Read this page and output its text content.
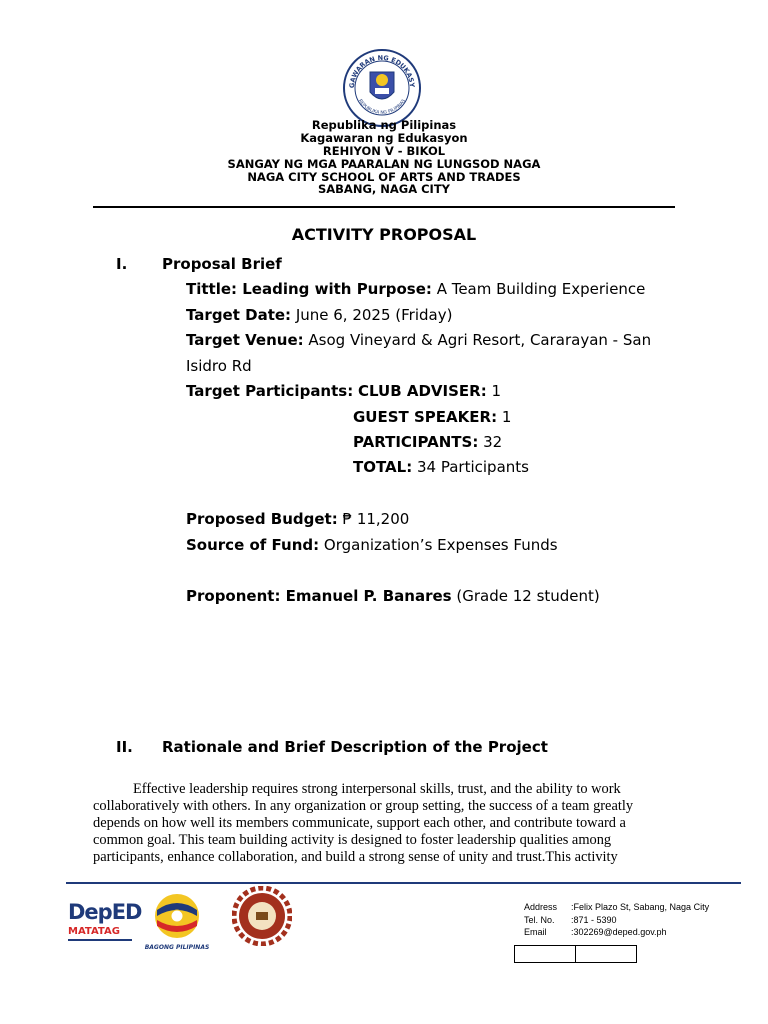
GAWARAN NG EDUKASY
REPUBLIKA NG PILIPINAS
Republika ng Pilipinas
Kagawaran ng Edukasyon
REHIYON V - BIKOL
SANGAY NG MGA PAARALAN NG LUNGSOD NAGA
NAGA CITY SCHOOL OF ARTS AND TRADES
SABANG, NAGA CITY
ACTIVITY PROPOSAL
I. Proposal Brief
Tittle: Leading with Purpose: A Team Building Experience
Target Date: June 6, 2025 (Friday)
Target Venue: Asog Vineyard & Agri Resort, Cararayan - San
Isidro Rd
Target Participants: CLUB ADVISER: 1
GUEST SPEAKER: 1
PARTICIPANTS: 32
TOTAL: 34 Participants
Proposed Budget: ₱ 11,200
Source of Fund: Organization’s Expenses Funds
Proponent: Emanuel P. Banares (Grade 12 student)
II. Rationale and Brief Description of the Project
Effective leadership requires strong interpersonal skills, trust, and the ability to work collaboratively with others. In any organization or group setting, the success of a team greatly depends on how well its members communicate, support each other, and contribute toward a common goal. This team building activity is designed to foster leadership qualities among participants, enhance collaboration, and build a strong sense of unity and trust.This activity
DepED
MATATAG
BAGONG PILIPINAS
Address :Felix Plazo St, Sabang, Naga City
Tel. No. :871 - 5390
Email	:302269@deped.gov.ph
